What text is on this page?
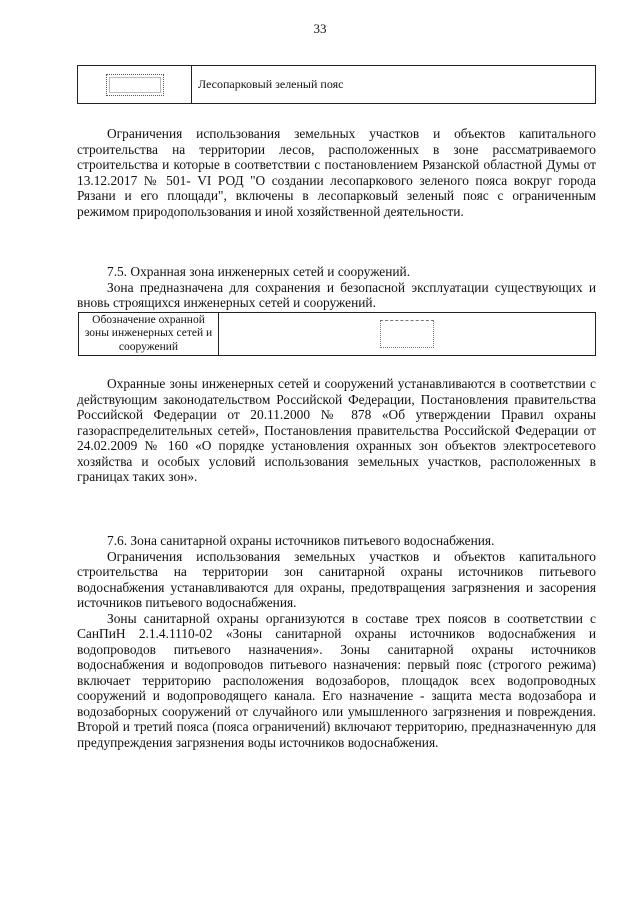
33
	Лесопарковый зеленый пояс

Ограничения использования земельных участков и объектов капитального строительства на территории лесов, расположенных в зоне рассматриваемого строительства и которые в соответствии с постановлением Рязанской областной Думы от 13.12.2017 № 501- VI РОД "О создании лесопаркового зеленого пояса вокруг города Рязани и его площади", включены в лесопарковый зеленый пояс с ограниченным режимом природопользования и иной хозяйственной деятельности.

7.5. Охранная зона инженерных сетей и сооружений.

Зона предназначена для сохранения и безопасной эксплуатации существующих и вновь строящихся инженерных сетей и сооружений.

Обозначение охранной зоны инженерных сетей и сооружений	

Охранные зоны инженерных сетей и сооружений устанавливаются в соответствии с действующим законодательством Российской Федерации, Постановления правительства Российской Федерации от 20.11.2000 № 878 «Об утверждении Правил охраны газораспределительных сетей», Постановления правительства Российской Федерации от 24.02.2009 № 160 «О порядке установления охранных зон объектов электросетевого хозяйства и особых условий использования земельных участков, расположенных в границах таких зон».

7.6. Зона санитарной охраны источников питьевого водоснабжения.

Ограничения использования земельных участков и объектов капитального строительства на территории зон санитарной охраны источников питьевого водоснабжения устанавливаются для охраны, предотвращения загрязнения и засорения источников питьевого водоснабжения.

Зоны санитарной охраны организуются в составе трех поясов в соответствии с СанПиН 2.1.4.1110-02 «Зоны санитарной охраны источников водоснабжения и водопроводов питьевого назначения». Зоны санитарной охраны источников водоснабжения и водопроводов питьевого назначения: первый пояс (строгого режима) включает территорию расположения водозаборов, площадок всех водопроводных сооружений и водопроводящего канала. Его назначение - защита места водозабора и водозаборных сооружений от случайного или умышленного загрязнения и повреждения. Второй и третий пояса (пояса ограничений) включают территорию, предназначенную для предупреждения загрязнения воды источников водоснабжения.
